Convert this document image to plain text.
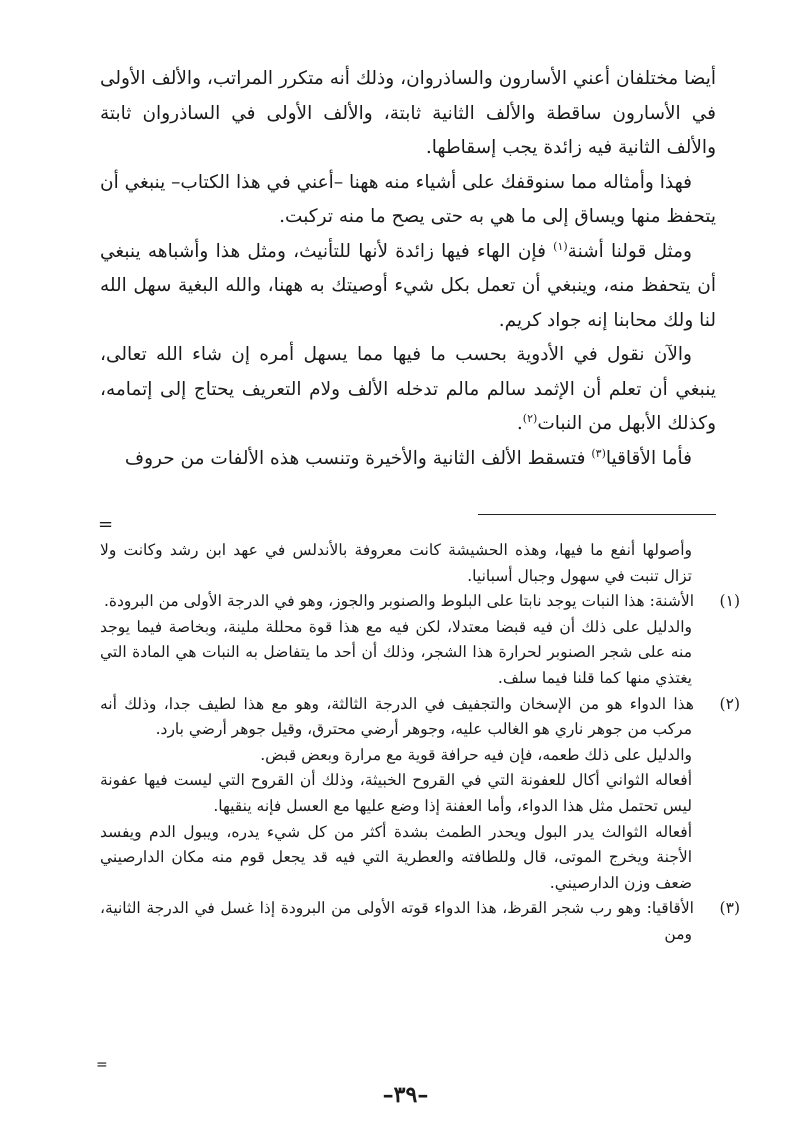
أيضا مختلفان أعني الأسارون والساذروان، وذلك أنه متكرر المراتب، والألف الأولى في الأسارون ساقطة والألف الثانية ثابتة، والألف الأولى في الساذروان ثابتة والألف الثانية فيه زائدة يجب إسقاطها.

فهذا وأمثاله مما سنوقفك على أشياء منه ههنا –أعني في هذا الكتاب– ينبغي أن يتحفظ منها ويساق إلى ما هي به حتى يصح ما منه تركبت.

ومثل قولنا أشنة$^{(١)}$ فإن الهاء فيها زائدة لأنها للتأنيث، ومثل هذا وأشباهه ينبغي أن يتحفظ منه، وينبغي أن تعمل بكل شيء أوصيتك به ههنا، والله البغية سهل الله لنا ولك محابنا إنه جواد كريم.

والآن نقول في الأدوية بحسب ما فيها مما يسهل أمره إن شاء الله تعالى، ينبغي أن تعلم أن الإثمد سالم مالم تدخله الألف ولام التعريف يحتاج إلى إتمامه، وكذلك الأبهل من النبات$^{(٢)}$.

فأما الأقاقيا$^{(٣)}$ فتسقط الألف الثانية والأخيرة وتنسب هذه الألفات من حروف

=

وأصولها أنفع ما فيها، وهذه الحشيشة كانت معروفة بالأندلس في عهد ابن رشد وكانت ولا تزال تنبت في سهول وجبال أسبانيا.

(١)الأشنة: هذا النبات يوجد نابتا على البلوط والصنوبر والجوز، وهو في الدرجة الأولى من البرودة.

والدليل على ذلك أن فيه قبضا معتدلا، لكن فيه مع هذا قوة محللة ملينة، وبخاصة فيما يوجد منه على شجر الصنوبر لحرارة هذا الشجر، وذلك أن أحد ما يتفاضل به النبات هي المادة التي يغتذي منها كما قلنا فيما سلف.

(٢)هذا الدواء هو من الإسخان والتجفيف في الدرجة الثالثة، وهو مع هذا لطيف جدا، وذلك أنه مركب من جوهر ناري هو الغالب عليه، وجوهر أرضي محترق، وقيل جوهر أرضي بارد.

والدليل على ذلك طعمه، فإن فيه حرافة قوية مع مرارة وبعض قبض.

أفعاله الثواني أكال للعفونة التي في القروح الخبيثة، وذلك أن القروح التي ليست فيها عفونة ليس تحتمل مثل هذا الدواء، وأما العفنة إذا وضع عليها مع العسل فإنه ينقيها.

أفعاله الثوالث يدر البول ويحدر الطمث بشدة أكثر من كل شيء يدره، ويبول الدم ويفسد الأجنة ويخرج الموتى، قال وللطافته والعطرية التي فيه قد يجعل قوم منه مكان الدارصيني ضعف وزن الدارصيني.

(٣)الأقاقيا: وهو رب شجر القرظ، هذا الدواء قوته الأولى من البرودة إذا غسل في الدرجة الثانية، ومن

=
–٣٩–
